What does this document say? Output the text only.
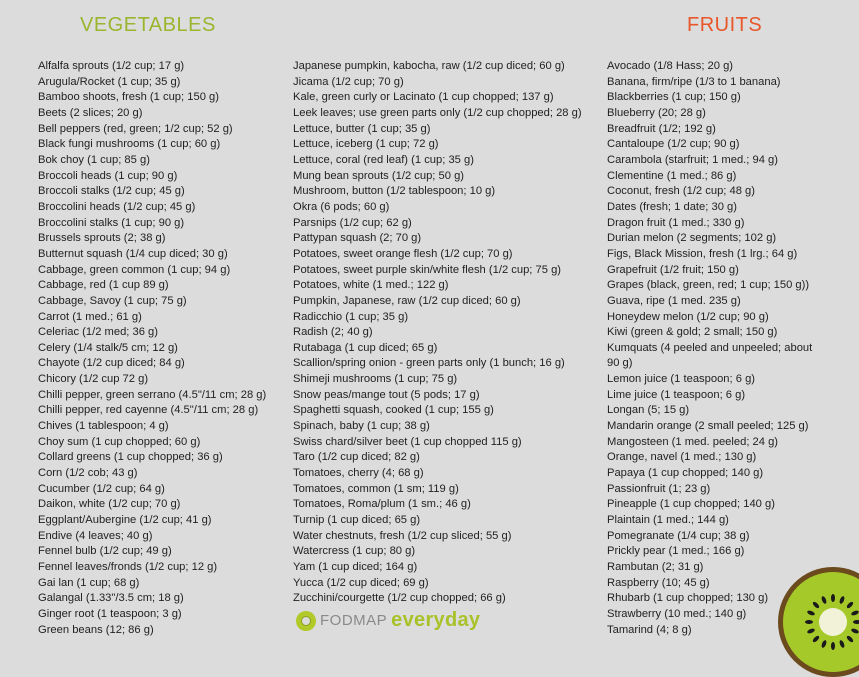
VEGETABLES	FRUITS
Alfalfa sprouts (1/2 cup; 17 g)
Arugula/Rocket (1 cup; 35 g)
Bamboo shoots, fresh (1 cup; 150 g)
Beets (2 slices; 20 g)
Bell peppers (red, green; 1/2 cup; 52 g)
Black fungi mushrooms (1 cup; 60 g)
Bok choy (1 cup; 85 g)
Broccoli heads (1 cup; 90 g)
Broccoli stalks (1/2 cup; 45 g)
Broccolini heads (1/2 cup; 45 g)
Broccolini stalks (1 cup; 90 g)
Brussels sprouts (2; 38 g)
Butternut squash (1/4 cup diced; 30 g)
Cabbage, green common (1 cup; 94 g)
Cabbage, red (1 cup 89 g)
Cabbage, Savoy (1 cup; 75 g)
Carrot (1 med.; 61 g)
Celeriac (1/2 med; 36 g)
Celery (1/4 stalk/5 cm; 12 g)
Chayote (1/2 cup diced; 84 g)
Chicory (1/2 cup 72 g)
Chilli pepper, green serrano (4.5"/11 cm; 28 g)
Chilli pepper, red cayenne (4.5"/11 cm; 28 g)
Chives (1 tablespoon; 4 g)
Choy sum (1 cup chopped; 60 g)
Collard greens (1 cup chopped; 36 g)
Corn (1/2 cob; 43 g)
Cucumber (1/2 cup; 64 g)
Daikon, white (1/2 cup; 70 g)
Eggplant/Aubergine (1/2 cup; 41 g)
Endive (4 leaves; 40 g)
Fennel bulb (1/2 cup; 49 g)
Fennel leaves/fronds (1/2 cup; 12 g)
Gai lan (1 cup; 68 g)
Galangal (1.33"/3.5 cm; 18 g)
Ginger root (1 teaspoon; 3 g)
Green beans (12; 86 g)
Japanese pumpkin, kabocha, raw (1/2 cup diced; 60 g)
Jicama (1/2 cup; 70 g)
Kale, green curly or Lacinato (1 cup chopped; 137 g)
Leek leaves; use green parts only (1/2 cup chopped; 28 g)
Lettuce, butter (1 cup; 35 g)
Lettuce, iceberg (1 cup; 72 g)
Lettuce, coral (red leaf) (1 cup; 35 g)
Mung bean sprouts (1/2 cup; 50 g)
Mushroom, button (1/2 tablespoon; 10 g)
Okra (6 pods; 60 g)
Parsnips (1/2 cup; 62 g)
Pattypan squash (2; 70 g)
Potatoes, sweet orange flesh (1/2 cup; 70 g)
Potatoes, sweet purple skin/white flesh (1/2 cup; 75 g)
Potatoes, white (1 med.; 122 g)
Pumpkin, Japanese, raw (1/2 cup diced; 60 g)
Radicchio (1 cup; 35 g)
Radish (2; 40 g)
Rutabaga (1 cup diced; 65 g)
Scallion/spring onion - green parts only (1 bunch; 16 g)
Shimeji mushrooms (1 cup; 75 g)
Snow peas/mange tout (5 pods; 17 g)
Spaghetti squash, cooked (1 cup; 155 g)
Spinach, baby (1 cup; 38 g)
Swiss chard/silver beet (1 cup chopped 115 g)
Taro (1/2 cup diced; 82 g)
Tomatoes, cherry (4; 68 g)
Tomatoes, common (1 sm; 119 g)
Tomatoes, Roma/plum (1 sm.; 46 g)
Turnip (1 cup diced; 65 g)
Water chestnuts, fresh (1/2 cup sliced; 55 g)
Watercress (1 cup; 80 g)
Yam (1 cup diced; 164 g)
Yucca (1/2 cup diced; 69 g)
Zucchini/courgette (1/2 cup chopped; 66 g)
Avocado (1/8 Hass; 20 g)
Banana, firm/ripe (1/3 to 1 banana)
Blackberries (1 cup; 150 g)
Blueberry (20; 28 g)
Breadfruit (1/2; 192 g)
Cantaloupe (1/2 cup; 90 g)
Carambola (starfruit; 1 med.; 94 g)
Clementine (1 med.; 86 g)
Coconut, fresh (1/2 cup; 48 g)
Dates (fresh; 1 date; 30 g)
Dragon fruit (1 med.; 330 g)
Durian melon (2 segments; 102 g)
Figs, Black Mission, fresh (1 lrg.; 64 g)
Grapefruit (1/2 fruit; 150 g)
Grapes (black, green, red; 1 cup; 150 g))
Guava, ripe (1 med. 235 g)
Honeydew melon (1/2 cup; 90 g)
Kiwi (green & gold; 2 small; 150 g)
Kumquats (4 peeled and unpeeled; about 90 g)
Lemon juice (1 teaspoon; 6 g)
Lime juice (1 teaspoon; 6 g)
Longan (5; 15 g)
Mandarin orange (2 small peeled; 125 g)
Mangosteen (1 med. peeled; 24 g)
Orange, navel (1 med.; 130 g)
Papaya (1 cup chopped; 140 g)
Passionfruit (1; 23 g)
Pineapple (1 cup chopped; 140 g)
Plaintain (1 med.; 144 g)
Pomegranate (1/4 cup; 38 g)
Prickly pear (1 med.; 166 g)
Rambutan (2; 31 g)
Raspberry (10; 45 g)
Rhubarb (1 cup chopped; 130 g)
Strawberry (10 med.; 140 g)
Tamarind (4; 8 g)
FODMAP everyday
